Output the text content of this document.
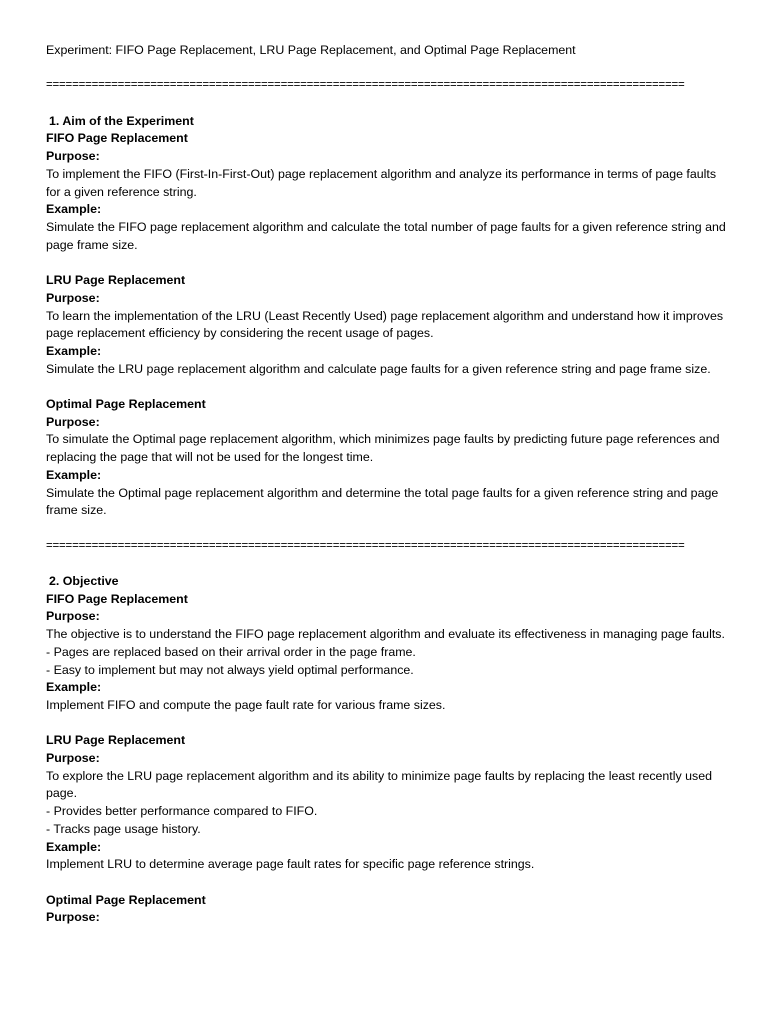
Experiment: FIFO Page Replacement, LRU Page Replacement, and Optimal Page Replacement
==================================================================================================
1. Aim of the Experiment
FIFO Page Replacement
Purpose:
To implement the FIFO (First-In-First-Out) page replacement algorithm and analyze its performance in terms of page faults for a given reference string.
Example:
Simulate the FIFO page replacement algorithm and calculate the total number of page faults for a given reference string and page frame size.
LRU Page Replacement
Purpose:
To learn the implementation of the LRU (Least Recently Used) page replacement algorithm and understand how it improves page replacement efficiency by considering the recent usage of pages.
Example:
Simulate the LRU page replacement algorithm and calculate page faults for a given reference string and page frame size.
Optimal Page Replacement
Purpose:
To simulate the Optimal page replacement algorithm, which minimizes page faults by predicting future page references and replacing the page that will not be used for the longest time.
Example:
Simulate the Optimal page replacement algorithm and determine the total page faults for a given reference string and page frame size.
==================================================================================================
2. Objective
FIFO Page Replacement
Purpose:
The objective is to understand the FIFO page replacement algorithm and evaluate its effectiveness in managing page faults.
- Pages are replaced based on their arrival order in the page frame.
- Easy to implement but may not always yield optimal performance.
Example:
Implement FIFO and compute the page fault rate for various frame sizes.
LRU Page Replacement
Purpose:
To explore the LRU page replacement algorithm and its ability to minimize page faults by replacing the least recently used page.
- Provides better performance compared to FIFO.
- Tracks page usage history.
Example:
Implement LRU to determine average page fault rates for specific page reference strings.
Optimal Page Replacement
Purpose:
